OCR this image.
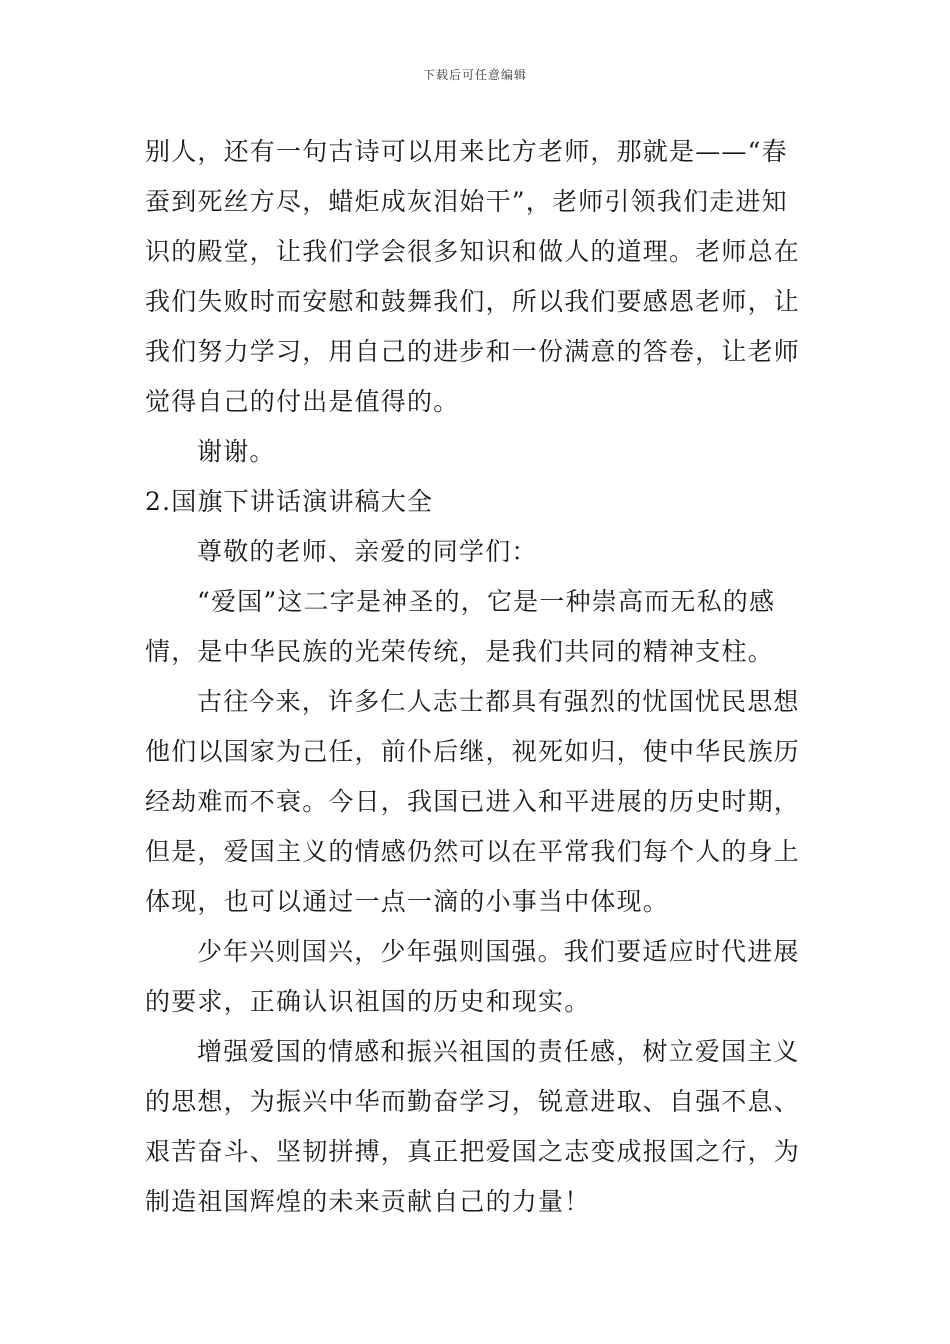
下载后可任意编辑
别人，还有一句古诗可以用来比方老师，那就是——“春
蚕到死丝方尽，蜡炬成灰泪始干”，老师引领我们走进知
识的殿堂，让我们学会很多知识和做人的道理。老师总在
我们失败时而安慰和鼓舞我们，所以我们要感恩老师，让
我们努力学习，用自己的进步和一份满意的答卷，让老师
觉得自己的付出是值得的。
谢谢。
2.国旗下讲话演讲稿大全
尊敬的老师、亲爱的同学们：
“爱国”这二字是神圣的，它是一种崇高而无私的感
情，是中华民族的光荣传统，是我们共同的精神支柱。
古往今来，许多仁人志士都具有强烈的忧国忧民思想
他们以国家为己任，前仆后继，视死如归，使中华民族历
经劫难而不衰。今日，我国已进入和平进展的历史时期，
但是，爱国主义的情感仍然可以在平常我们每个人的身上
体现，也可以通过一点一滴的小事当中体现。
少年兴则国兴，少年强则国强。我们要适应时代进展
的要求，正确认识祖国的历史和现实。
增强爱国的情感和振兴祖国的责任感，树立爱国主义
的思想，为振兴中华而勤奋学习，锐意进取、自强不息、
艰苦奋斗、坚韧拼搏，真正把爱国之志变成报国之行，为
制造祖国辉煌的未来贡献自己的力量！
